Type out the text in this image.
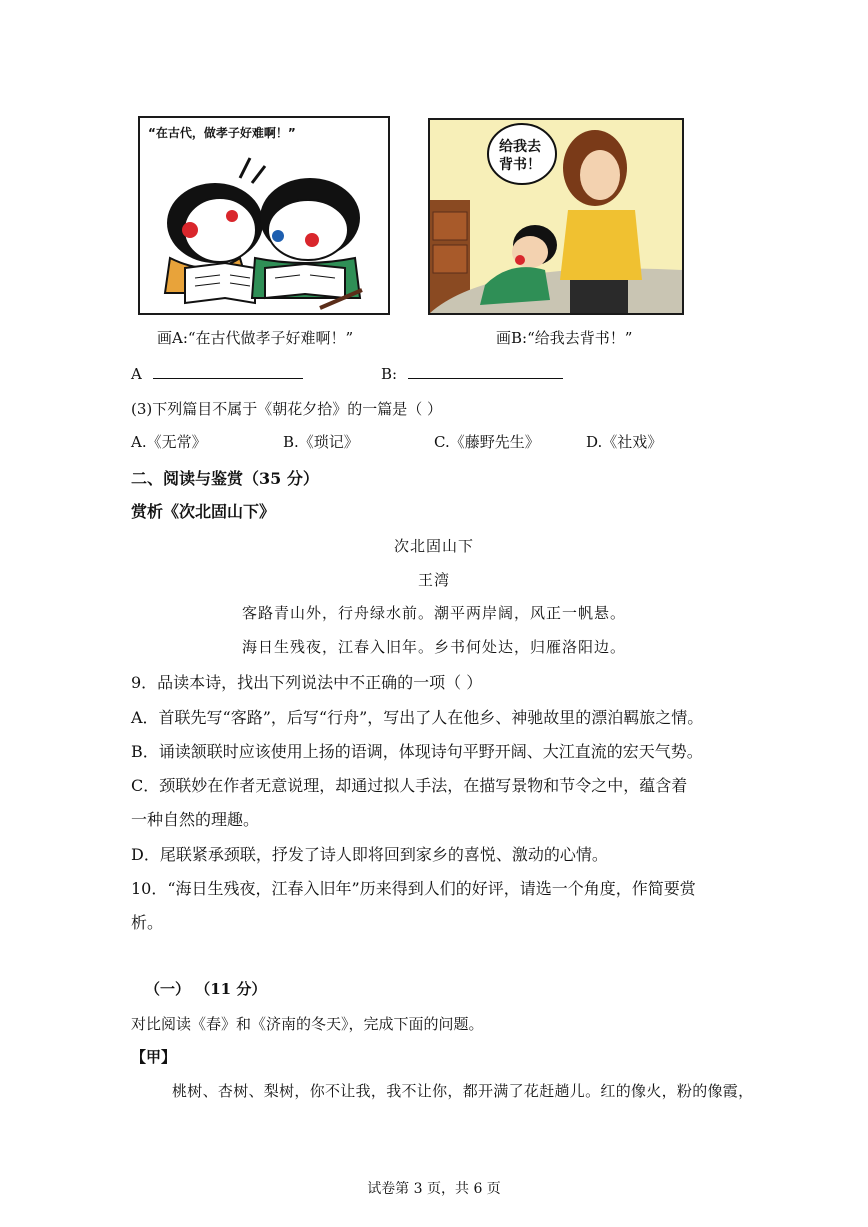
“在古代，做孝子好难啊！”
给我去
背书！
画A:“在古代做孝子好难啊！”	画B:“给我去背书！”
A	B:
(3)下列篇目不属于《朝花夕拾》的一篇是（ ）
A.《无常》	B.《琐记》	C.《藤野先生》	D.《社戏》
二、阅读与鉴赏（35 分）
赏析《次北固山下》
次北固山下
王湾
客路青山外，行舟绿水前。潮平两岸阔，风正一帆悬。
海日生残夜，江春入旧年。乡书何处达，归雁洛阳边。
9．品读本诗，找出下列说法中不正确的一项（ ）
A．首联先写“客路”，后写“行舟”，写出了人在他乡、神驰故里的漂泊羁旅之情。
B．诵读颔联时应该使用上扬的语调，体现诗句平野开阔、大江直流的宏天气势。
C．颈联妙在作者无意说理，却通过拟人手法，在描写景物和节令之中，蕴含着
一种自然的理趣。
D．尾联紧承颈联，抒发了诗人即将回到家乡的喜悦、激动的心情。
10．“海日生残夜，江春入旧年”历来得到人们的好评，请选一个角度，作简要赏
析。
（一） （11 分）
对比阅读《春》和《济南的冬天》，完成下面的问题。
【甲】
桃树、杏树、梨树，你不让我，我不让你，都开满了花赶趟儿。红的像火，粉的像霞，
试卷第 3 页，共 6 页
